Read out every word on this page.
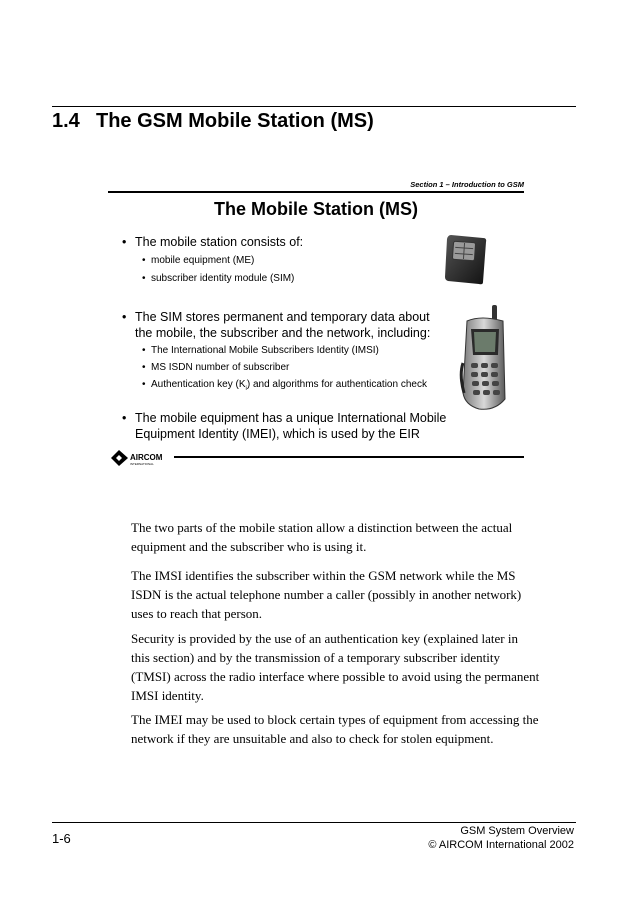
1.4 The GSM Mobile Station (MS)
Section 1 – Introduction to GSM
The Mobile Station (MS)
• The mobile station consists of:
• mobile equipment (ME)
• subscriber identity module (SIM)
• The SIM stores permanent and temporary data about
the mobile, the subscriber and the network, including:
• The International Mobile Subscribers Identity (IMSI)
• MS ISDN number of subscriber
• Authentication key $(K_i)$ and algorithms for authentication check
• The mobile equipment has a unique International Mobile
Equipment Identity (IMEI), which is used by the EIR
AIRCOM
INTERNATIONAL
The two parts of the mobile station allow a distinction between the actual
equipment and the subscriber who is using it.
The IMSI identifies the subscriber within the GSM network while the MS
ISDN is the actual telephone number a caller (possibly in another network)
uses to reach that person.
Security is provided by the use of an authentication key (explained later in
this section) and by the transmission of a temporary subscriber identity
(TMSI) across the radio interface where possible to avoid using the permanent
IMSI identity.
The IMEI may be used to block certain types of equipment from accessing the
network if they are unsuitable and also to check for stolen equipment.
1-6	GSM System Overview
© AIRCOM International 2002
